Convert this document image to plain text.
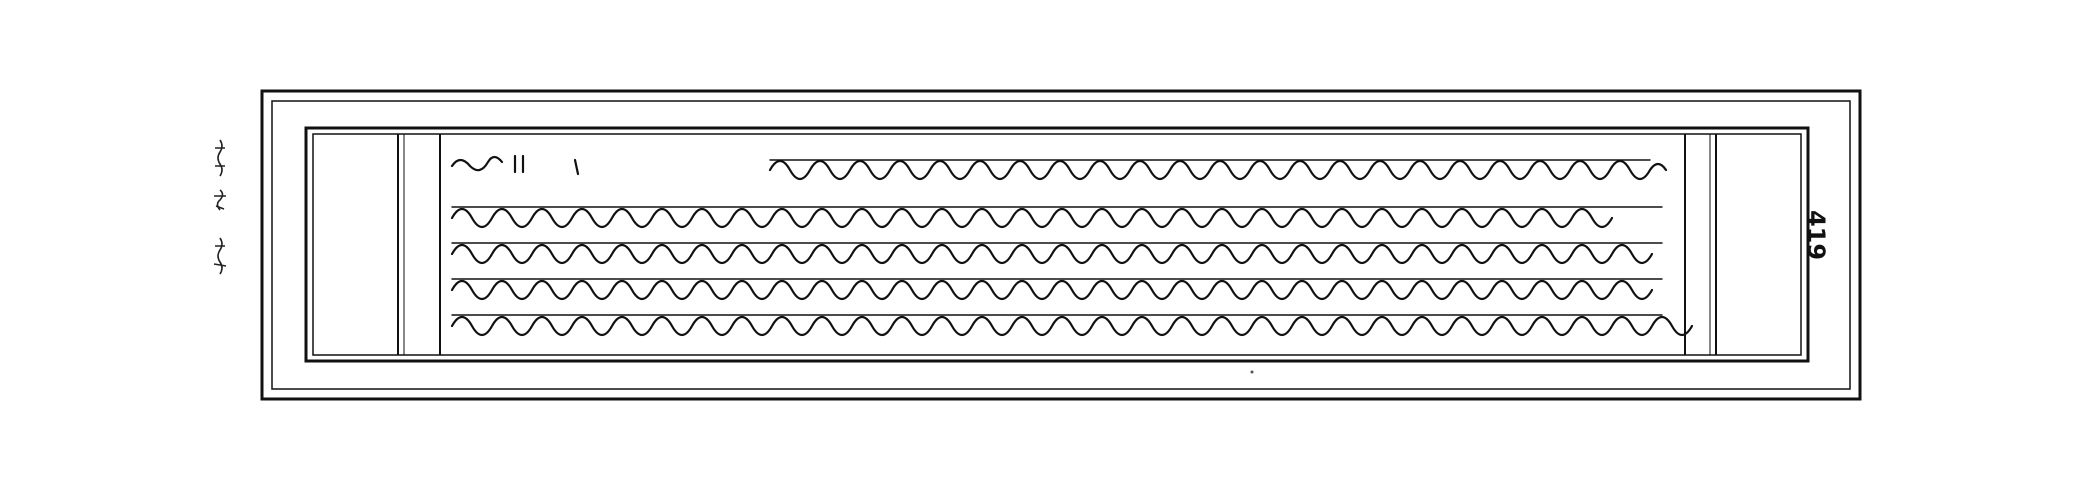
419
